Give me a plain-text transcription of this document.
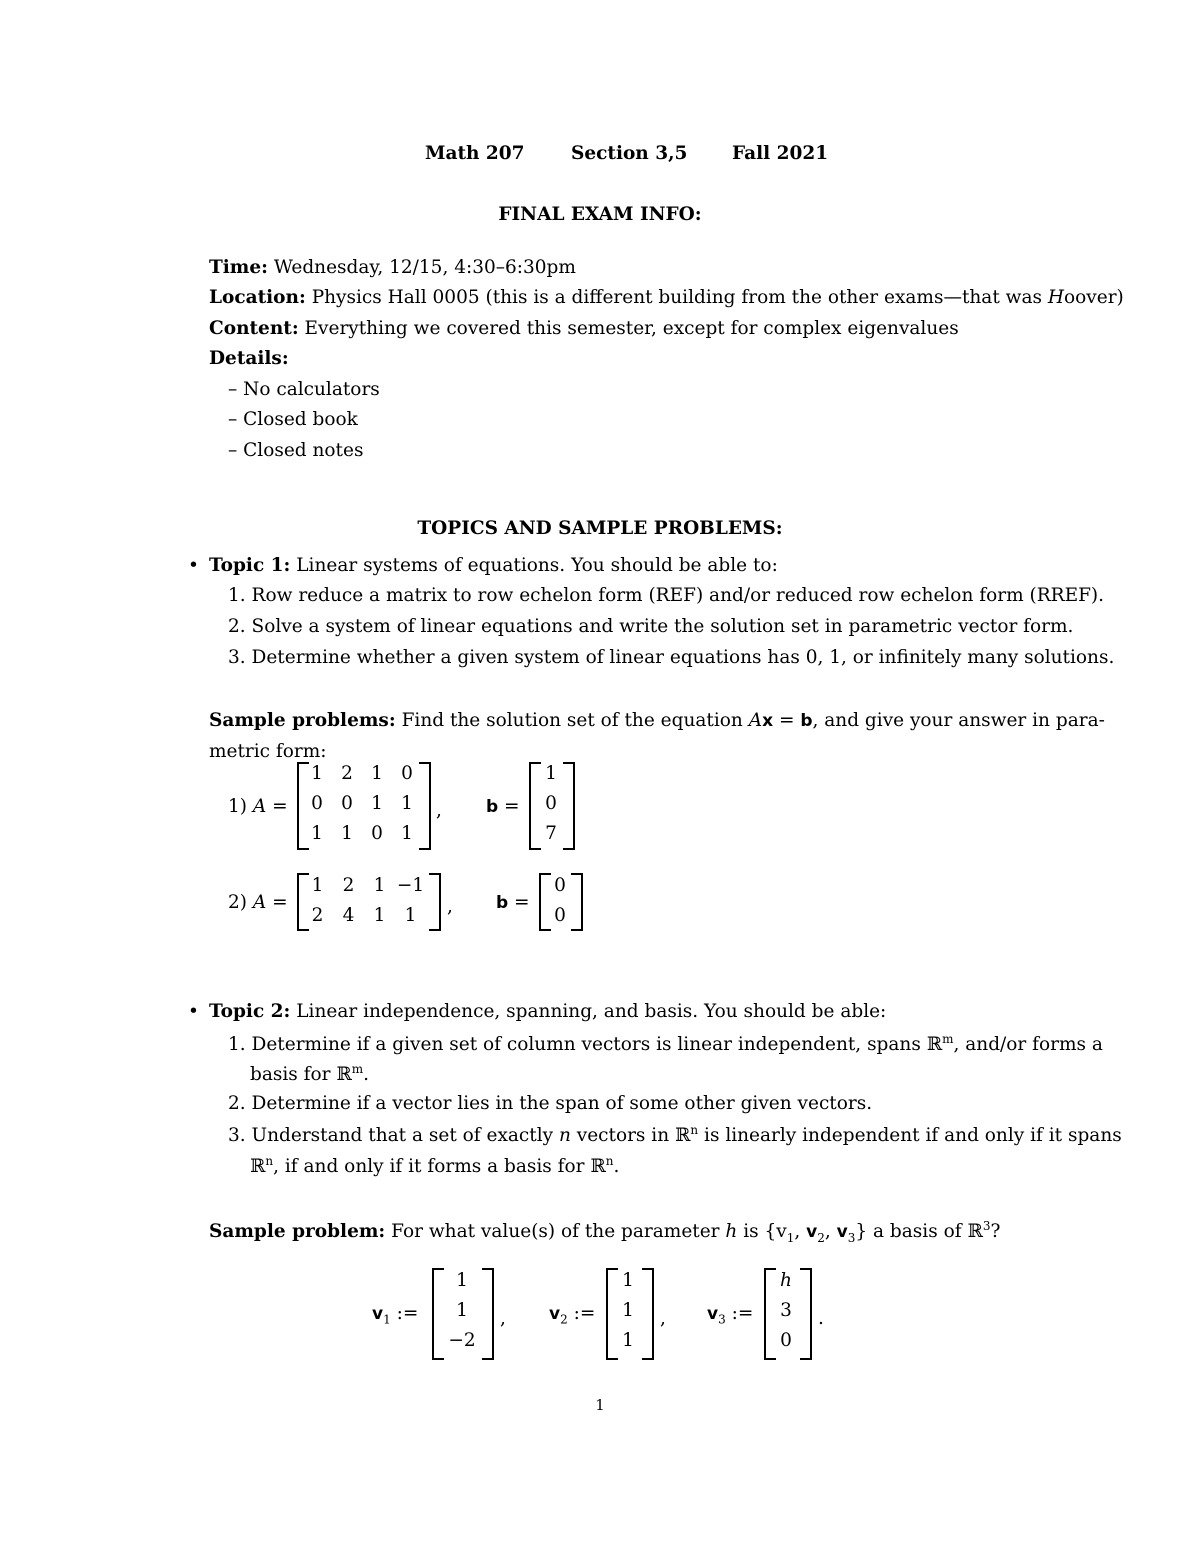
Math 207	Section 3,5 Fall 2021
FINAL EXAM INFO:
Time: Wednesday, 12/15, 4:30–6:30pm
Location: Physics Hall 0005 (this is a different building from the other exams—that was Hoover)
Content: Everything we covered this semester, except for complex eigenvalues
Details:
– No calculators
– Closed book
– Closed notes
TOPICS AND SAMPLE PROBLEMS:
• Topic 1: Linear systems of equations. You should be able to:
1. Row reduce a matrix to row echelon form (REF) and/or reduced row echelon form (RREF).
2. Solve a system of linear equations and write the solution set in parametric vector form.
3. Determine whether a given system of linear equations has 0, 1, or infinitely many solutions.
Sample problems: Find the solution set of the equation Ax = b, and give your answer in para-
metric form:
1) A =
1 2 1 0
0 0 1 1
1 1 0 1
,	b =
1
0
7
2) A =
1	2	1 −1
2	4	1	1	,	b =
0
0
• Topic 2: Linear independence, spanning, and basis. You should be able:
1. Determine if a given set of column vectors is linear independent, spans ℝ$^m$, and/or forms a
basis for ℝ$^m$.
2. Determine if a vector lies in the span of some other given vectors.
3. Understand that a set of exactly n vectors in ℝ$^n$ is linearly independent if and only if it spans
ℝ$^n$, if and only if it forms a basis for ℝ$^n$.
Sample problem: For what value(s) of the parameter h is {$v_1$, $v_2$, $v_3$} a basis of ℝ$^3$?
$v_1$ :=
1
1
−2
,	$v_2$ :=
1
1
1
, $v_3$ :=
h
3
0
.
1
